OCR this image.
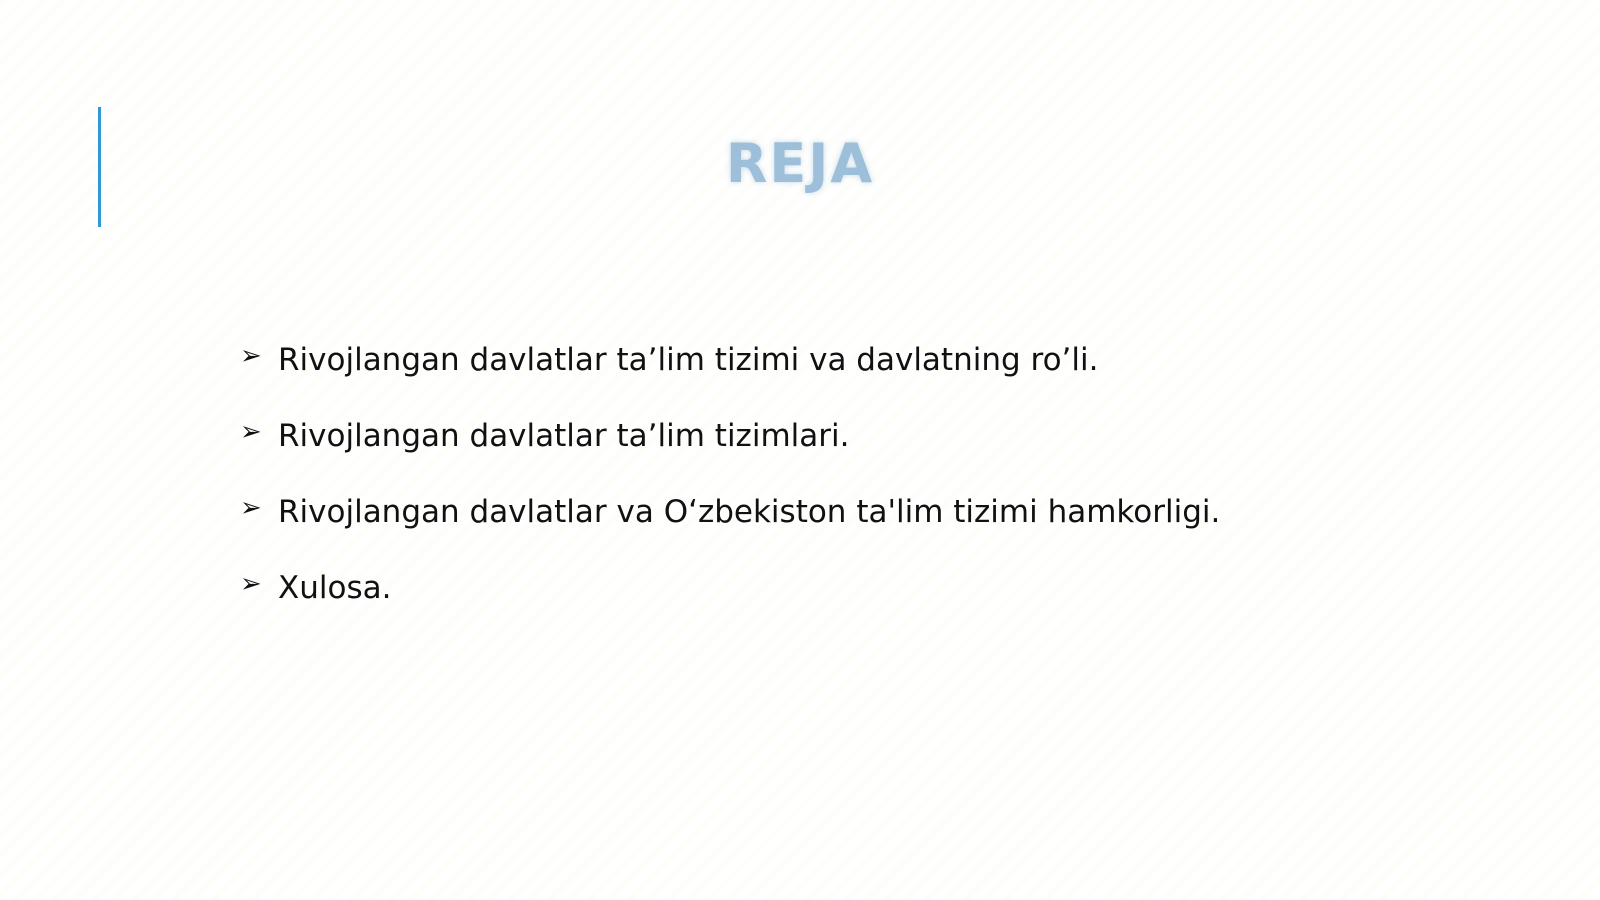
REJA
➢ Rivojlangan davlatlar ta’lim tizimi va davlatning ro’li.
➢ Rivojlangan davlatlar ta’lim tizimlari.
➢ Rivojlangan davlatlar va O‘zbekiston ta'lim tizimi hamkorligi.
➢ Xulosa.
